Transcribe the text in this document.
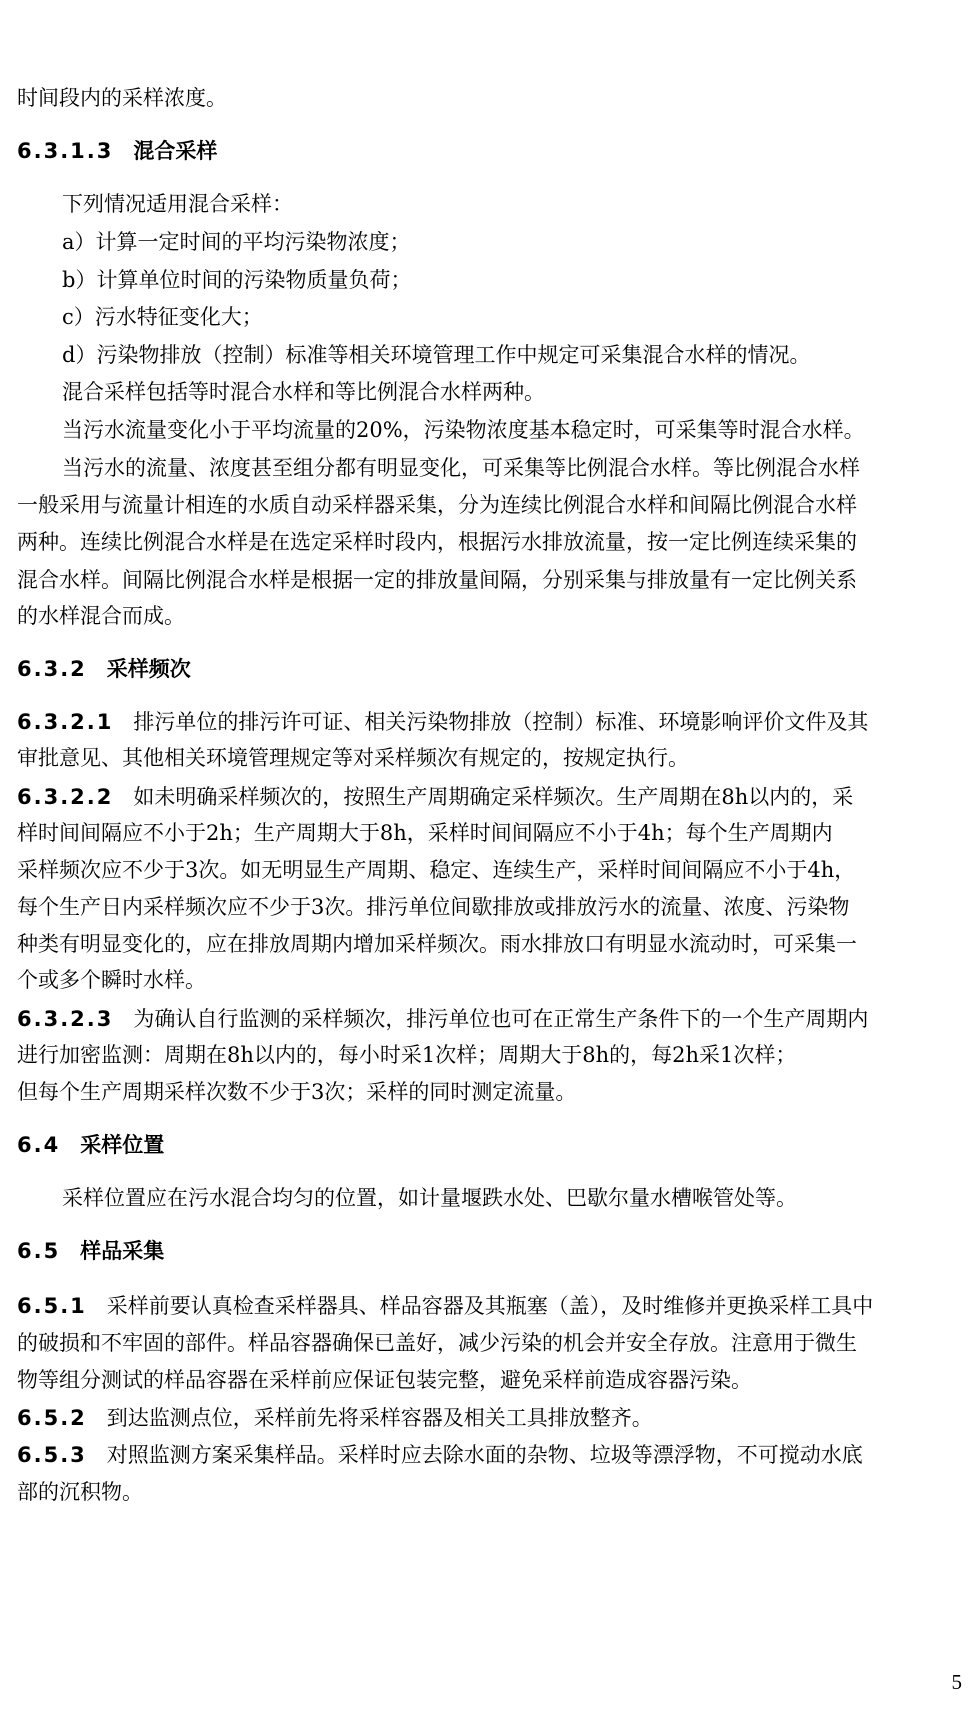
时间段内的采样浓度。
6.3.1.3 混合采样
下列情况适用混合采样：
a）计算一定时间的平均污染物浓度；
b）计算单位时间的污染物质量负荷；
c）污水特征变化大；
d）污染物排放（控制）标准等相关环境管理工作中规定可采集混合水样的情况。
混合采样包括等时混合水样和等比例混合水样两种。
当污水流量变化小于平均流量的20%，污染物浓度基本稳定时，可采集等时混合水样。
当污水的流量、浓度甚至组分都有明显变化，可采集等比例混合水样。等比例混合水样
一般采用与流量计相连的水质自动采样器采集，分为连续比例混合水样和间隔比例混合水样
两种。连续比例混合水样是在选定采样时段内，根据污水排放流量，按一定比例连续采集的
混合水样。间隔比例混合水样是根据一定的排放量间隔，分别采集与排放量有一定比例关系
的水样混合而成。
6.3.2 采样频次
6.3.2.1 排污单位的排污许可证、相关污染物排放（控制）标准、环境影响评价文件及其
审批意见、其他相关环境管理规定等对采样频次有规定的，按规定执行。
6.3.2.2 如未明确采样频次的，按照生产周期确定采样频次。生产周期在8h以内的，采
样时间间隔应不小于2h；生产周期大于8h，采样时间间隔应不小于4h；每个生产周期内
采样频次应不少于3次。如无明显生产周期、稳定、连续生产，采样时间间隔应不小于4h，
每个生产日内采样频次应不少于3次。排污单位间歇排放或排放污水的流量、浓度、污染物
种类有明显变化的，应在排放周期内增加采样频次。雨水排放口有明显水流动时，可采集一
个或多个瞬时水样。
6.3.2.3 为确认自行监测的采样频次，排污单位也可在正常生产条件下的一个生产周期内
进行加密监测：周期在8h以内的，每小时采1次样；周期大于8h的，每2h采1次样；
但每个生产周期采样次数不少于3次；采样的同时测定流量。
6.4 采样位置
采样位置应在污水混合均匀的位置，如计量堰跌水处、巴歇尔量水槽喉管处等。
6.5 样品采集
6.5.1 采样前要认真检查采样器具、样品容器及其瓶塞（盖），及时维修并更换采样工具中
的破损和不牢固的部件。样品容器确保已盖好，减少污染的机会并安全存放。注意用于微生
物等组分测试的样品容器在采样前应保证包装完整，避免采样前造成容器污染。
6.5.2 到达监测点位，采样前先将采样容器及相关工具排放整齐。
6.5.3 对照监测方案采集样品。采样时应去除水面的杂物、垃圾等漂浮物，不可搅动水底
部的沉积物。
5
